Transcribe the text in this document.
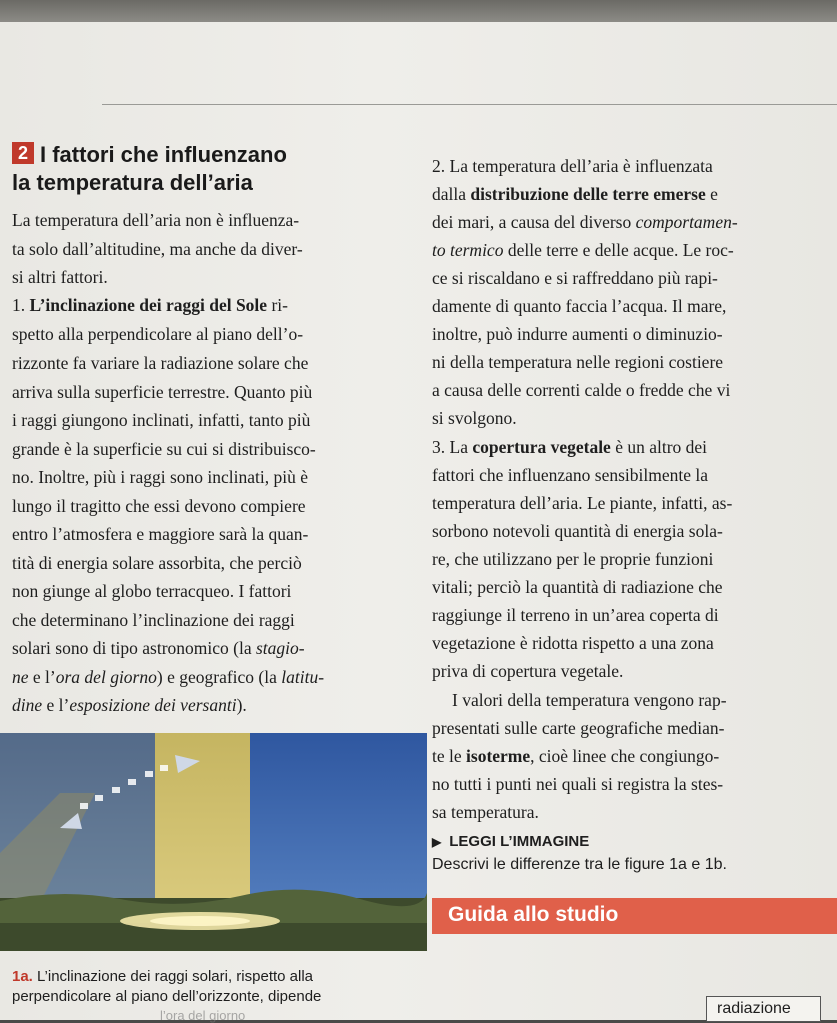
2 I fattori che influenzano
la temperatura dell’aria
La temperatura dell’aria non è influenza-
ta solo dall’altitudine, ma anche da diver-
si altri fattori.
1. L’inclinazione dei raggi del Sole ri-
spetto alla perpendicolare al piano dell’o-
rizzonte fa variare la radiazione solare che
arriva sulla superficie terrestre. Quanto più
i raggi giungono inclinati, infatti, tanto più
grande è la superficie su cui si distribuisco-
no. Inoltre, più i raggi sono inclinati, più è
lungo il tragitto che essi devono compiere
entro l’atmosfera e maggiore sarà la quan-
tità di energia solare assorbita, che perciò
non giunge al globo terracqueo. I fattori
che determinano l’inclinazione dei raggi
solari sono di tipo astronomico (la stagio-
ne e l’ora del giorno) e geografico (la latitu-
dine e l’esposizione dei versanti).
2. La temperatura dell’aria è influenzata
dalla distribuzione delle terre emerse e
dei mari, a causa del diverso comportamen-
to termico delle terre e delle acque. Le roc-
ce si riscaldano e si raffreddano più rapi-
damente di quanto faccia l’acqua. Il mare,
inoltre, può indurre aumenti o diminuzio-
ni della temperatura nelle regioni costiere
a causa delle correnti calde o fredde che vi
si svolgono.
3. La copertura vegetale è un altro dei
fattori che influenzano sensibilmente la
temperatura dell’aria. Le piante, infatti, as-
sorbono notevoli quantità di energia sola-
re, che utilizzano per le proprie funzioni
vitali; perciò la quantità di radiazione che
raggiunge il terreno in un’area coperta di
vegetazione è ridotta rispetto a una zona
priva di copertura vegetale.
I valori della temperatura vengono rap-
presentati sulle carte geografiche median-
te le isoterme, cioè linee che congiungo-
no tutti i punti nei quali si registra la stes-
sa temperatura.
▶ LEGGI L’IMMAGINE
Descrivi le differenze tra le figure 1a e 1b.
Guida allo studio
1a. L’inclinazione dei raggi solari, rispetto alla
perpendicolare al piano dell’orizzonte, dipende
l’ora del giorno	radiazione
